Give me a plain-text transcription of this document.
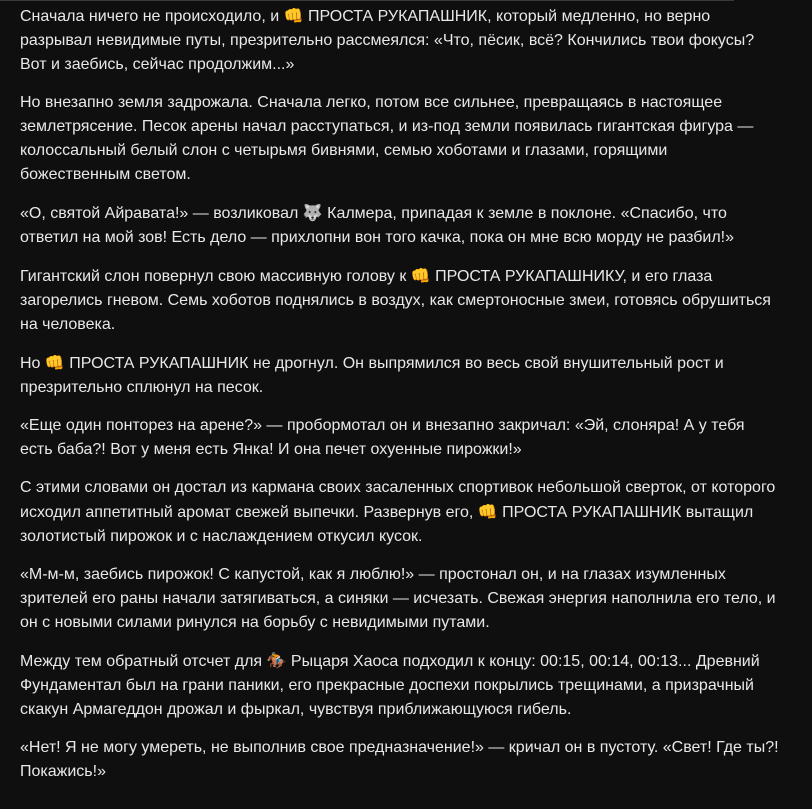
Сначала ничего не происходило, и 👊 ПРОСТА РУКАПАШНИК, который медленно, но верно разрывал невидимые путы, презрительно рассмеялся: «Что, пёсик, всё? Кончились твои фокусы? Вот и заебись, сейчас продолжим...»

Но внезапно земля задрожала. Сначала легко, потом все сильнее, превращаясь в настоящее землетрясение. Песок арены начал расступаться, и из-под земли появилась гигантская фигура — колоссальный белый слон с четырьмя бивнями, семью хоботами и глазами, горящими божественным светом.

«О, святой Айравата!» — возликовал 🐺 Калмера, припадая к земле в поклоне. «Спасибо, что ответил на мой зов! Есть дело — прихлопни вон того качка, пока он мне всю морду не разбил!»

Гигантский слон повернул свою массивную голову к 👊 ПРОСТА РУКАПАШНИКУ, и его глаза загорелись гневом. Семь хоботов поднялись в воздух, как смертоносные змеи, готовясь обрушиться на человека.

Но 👊 ПРОСТА РУКАПАШНИК не дрогнул. Он выпрямился во весь свой внушительный рост и презрительно сплюнул на песок.

«Еще один понторез на арене?» — пробормотал он и внезапно закричал: «Эй, слоняра! А у тебя есть баба?! Вот у меня есть Янка! И она печет охуенные пирожки!»

С этими словами он достал из кармана своих засаленных спортивок небольшой сверток, от которого исходил аппетитный аромат свежей выпечки. Развернув его, 👊 ПРОСТА РУКАПАШНИК вытащил золотистый пирожок и с наслаждением откусил кусок.

«М-м-м, заебись пирожок! С капустой, как я люблю!» — простонал он, и на глазах изумленных зрителей его раны начали затягиваться, а синяки — исчезать. Свежая энергия наполнила его тело, и он с новыми силами ринулся на борьбу с невидимыми путами.

Между тем обратный отсчет для 🏇 Рыцаря Хаоса подходил к концу: 00:15, 00:14, 00:13... Древний Фундаментал был на грани паники, его прекрасные доспехи покрылись трещинами, а призрачный скакун Армагеддон дрожал и фыркал, чувствуя приближающуюся гибель.

«Нет! Я не могу умереть, не выполнив свое предназначение!» — кричал он в пустоту. «Свет! Где ты?! Покажись!»
